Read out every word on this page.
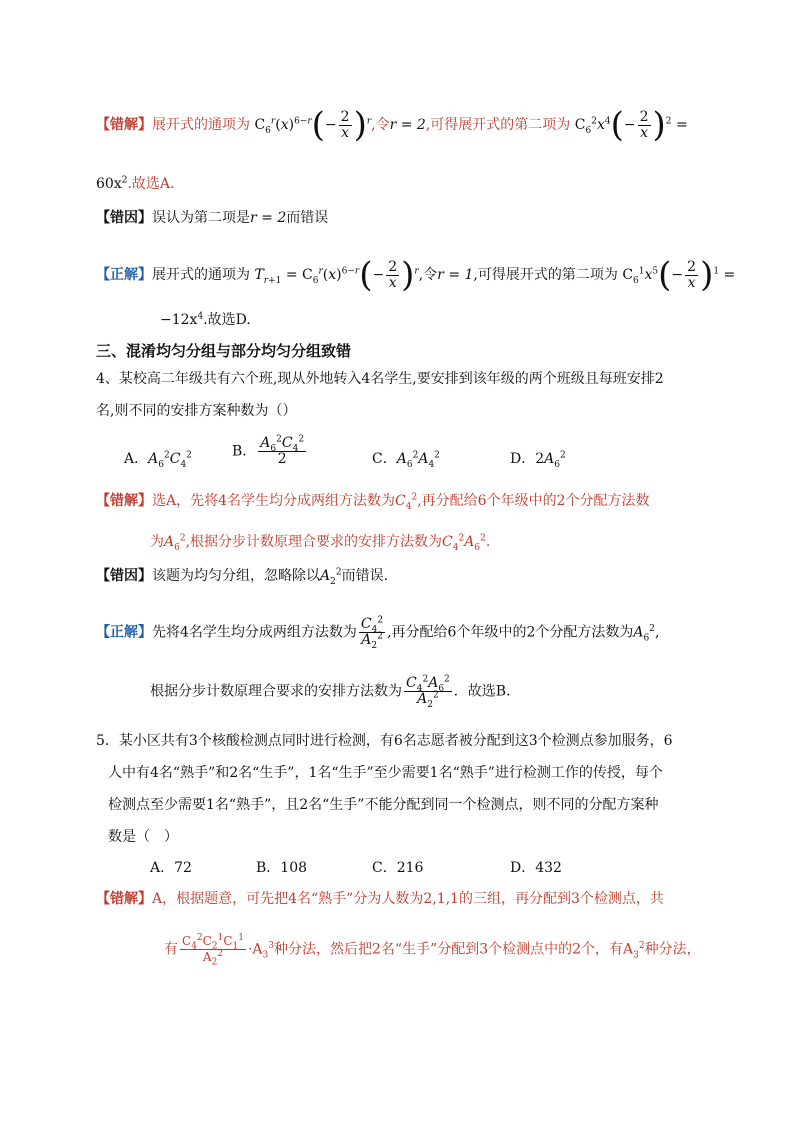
【错解】展开式的通项为 $C_6^r(x)^{6-r}(- \frac{2}{x} )^r$,令r = 2,可得展开式的第二项为 $C_6^2x^4(- \frac{2}{x} )^2$ =
$60x^2$.故选A.
【错因】误认为第二项是r = 2而错误
【正解】展开式的通项为 $T_{r+1} = C_6^r(x)^{6-r}(- \frac{2}{x} )^r$,令r = 1,可得展开式的第二项为 $C_6^1x^5(- \frac{2}{x} )^1$ =
$-12x^4$.故选D.
三、混淆均匀分组与部分均匀分组致错
4、某校高二年级共有六个班,现从外地转入4名学生,要安排到该年级的两个班级且每班安排2
名,则不同的安排方案种数为（）
A．$A_6^2C_4^2$	B． $\frac{A_6^2C_4^2}{2}$	C．$A_6^2A_4^2$	D．$2A_6^2$
【错解】选A，先将4名学生均分成两组方法数为$C_4^2$,再分配给6个年级中的2个分配方法数
为$A_6^2$,根据分步计数原理合要求的安排方法数为$C_4^2A_6^2$.
【错因】该题为均匀分组，忽略除以$A_2^2$而错误.
【正解】先将4名学生均分成两组方法数为 $\frac{C_4^2}{A_2^2}$ ,再分配给6个年级中的2个分配方法数为$A_6^2$,
根据分步计数原理合要求的安排方法数为 $\frac{C_4^2A_6^2}{A_2^2}$ ．故选B．
5．某小区共有3个核酸检测点同时进行检测，有6名志愿者被分配到这3个检测点参加服务，6
人中有4名“熟手”和2名“生手”，1名“生手”至少需要1名“熟手”进行检测工作的传授，每个
检测点至少需要1名“熟手”，且2名“生手”不能分配到同一个检测点，则不同的分配方案种
数是（　）
A．72	B．108	C．216	D．432
【错解】A，根据题意，可先把4名“熟手”分为人数为2,1,1的三组，再分配到3个检测点，共
有 $\frac{C_4^2C_2^1C_1^1}{A_2^2} \cdot A_3^3$种分法，然后把2名“生手”分配到3个检测点中的2个，有$A_3^2$种分法，
